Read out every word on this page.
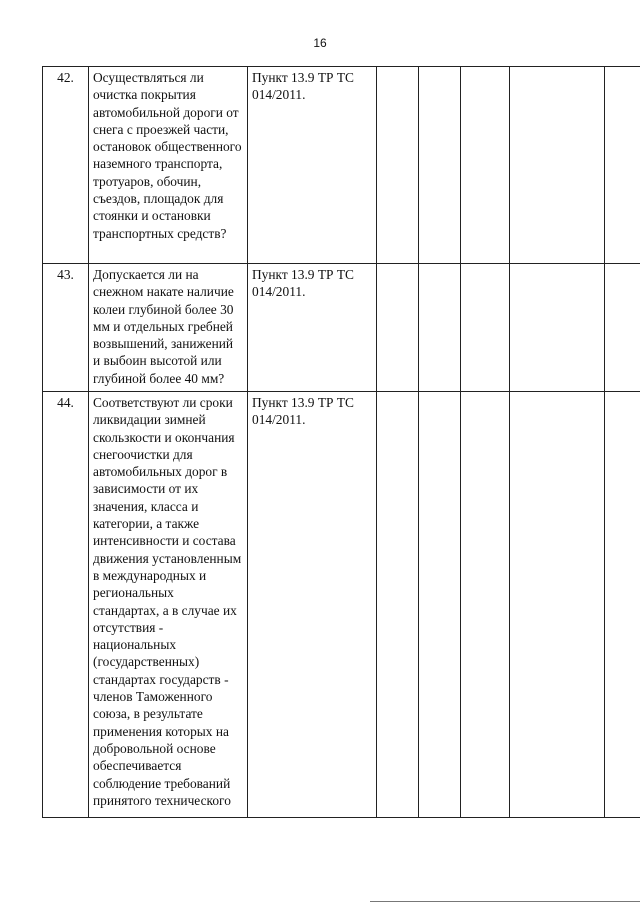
16
42.	Осуществляться ли очистка покрытия автомобильной дороги от снега с проезжей части, остановок общественного наземного транспорта, тротуаров, обочин, съездов, площадок для стоянки и остановки транспортных средств?	Пункт 13.9 ТР ТС 014/2011.					
43.	Допускается ли на снежном накате наличие колеи глубиной более 30 мм и отдельных гребней возвышений, занижений и выбоин высотой или глубиной более 40 мм?	Пункт 13.9 ТР ТС 014/2011.					
44.	Соответствуют ли сроки ликвидации зимней скользкости и окончания снегоочистки для автомобильных дорог в зависимости от их значения, класса и категории, а также интенсивности и состава движения установленным в международных и региональных стандартах, а в случае их отсутствия - национальных (государственных) стандартах государств - членов Таможенного союза, в результате применения которых на добровольной основе обеспечивается соблюдение требований принятого технического	Пункт 13.9 ТР ТС 014/2011.					
